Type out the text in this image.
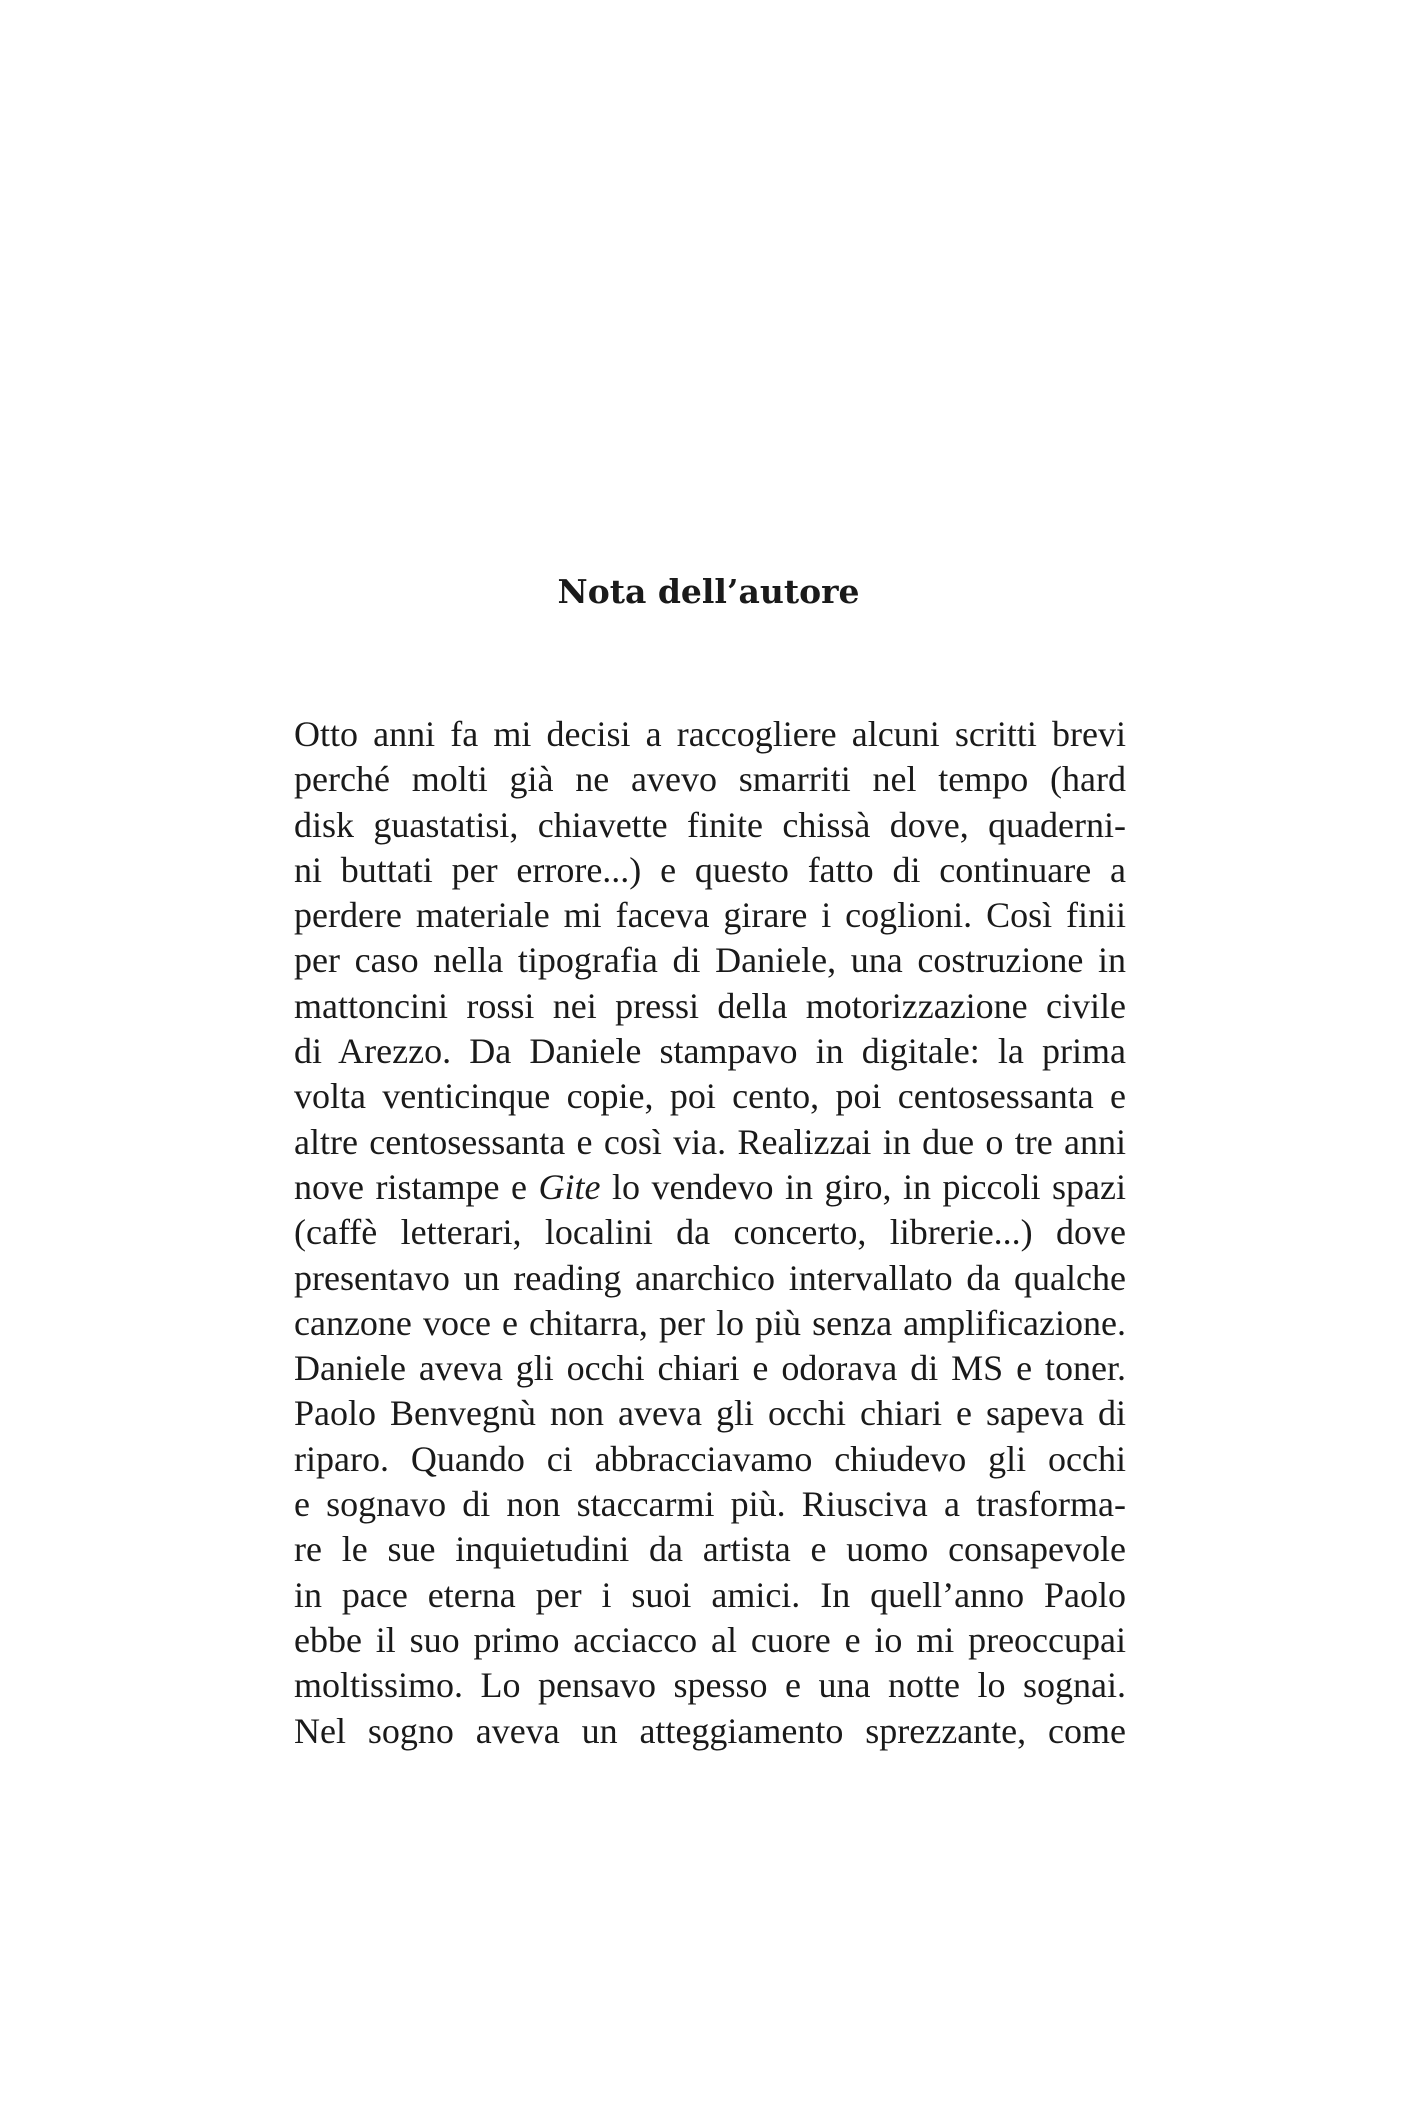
Nota dell’autore
Otto anni fa mi decisi a raccogliere alcuni scritti brevi
perché molti già ne avevo smarriti nel tempo (hard
disk guastatisi, chiavette finite chissà dove, quaderni-
ni buttati per errore...) e questo fatto di continuare a
perdere materiale mi faceva girare i coglioni. Così finii
per caso nella tipografia di Daniele, una costruzione in
mattoncini rossi nei pressi della motorizzazione civile
di Arezzo. Da Daniele stampavo in digitale: la prima
volta venticinque copie, poi cento, poi centosessanta e
altre centosessanta e così via. Realizzai in due o tre anni
nove ristampe e Gite lo vendevo in giro, in piccoli spazi
(caffè letterari, localini da concerto, librerie...) dove
presentavo un reading anarchico intervallato da qualche
canzone voce e chitarra, per lo più senza amplificazione.
Daniele aveva gli occhi chiari e odorava di MS e toner.
Paolo Benvegnù non aveva gli occhi chiari e sapeva di
riparo. Quando ci abbracciavamo chiudevo gli occhi
e sognavo di non staccarmi più. Riusciva a trasforma-
re le sue inquietudini da artista e uomo consapevole
in pace eterna per i suoi amici. In quell’anno Paolo
ebbe il suo primo acciacco al cuore e io mi preoccupai
moltissimo. Lo pensavo spesso e una notte lo sognai.
Nel sogno aveva un atteggiamento sprezzante, come
